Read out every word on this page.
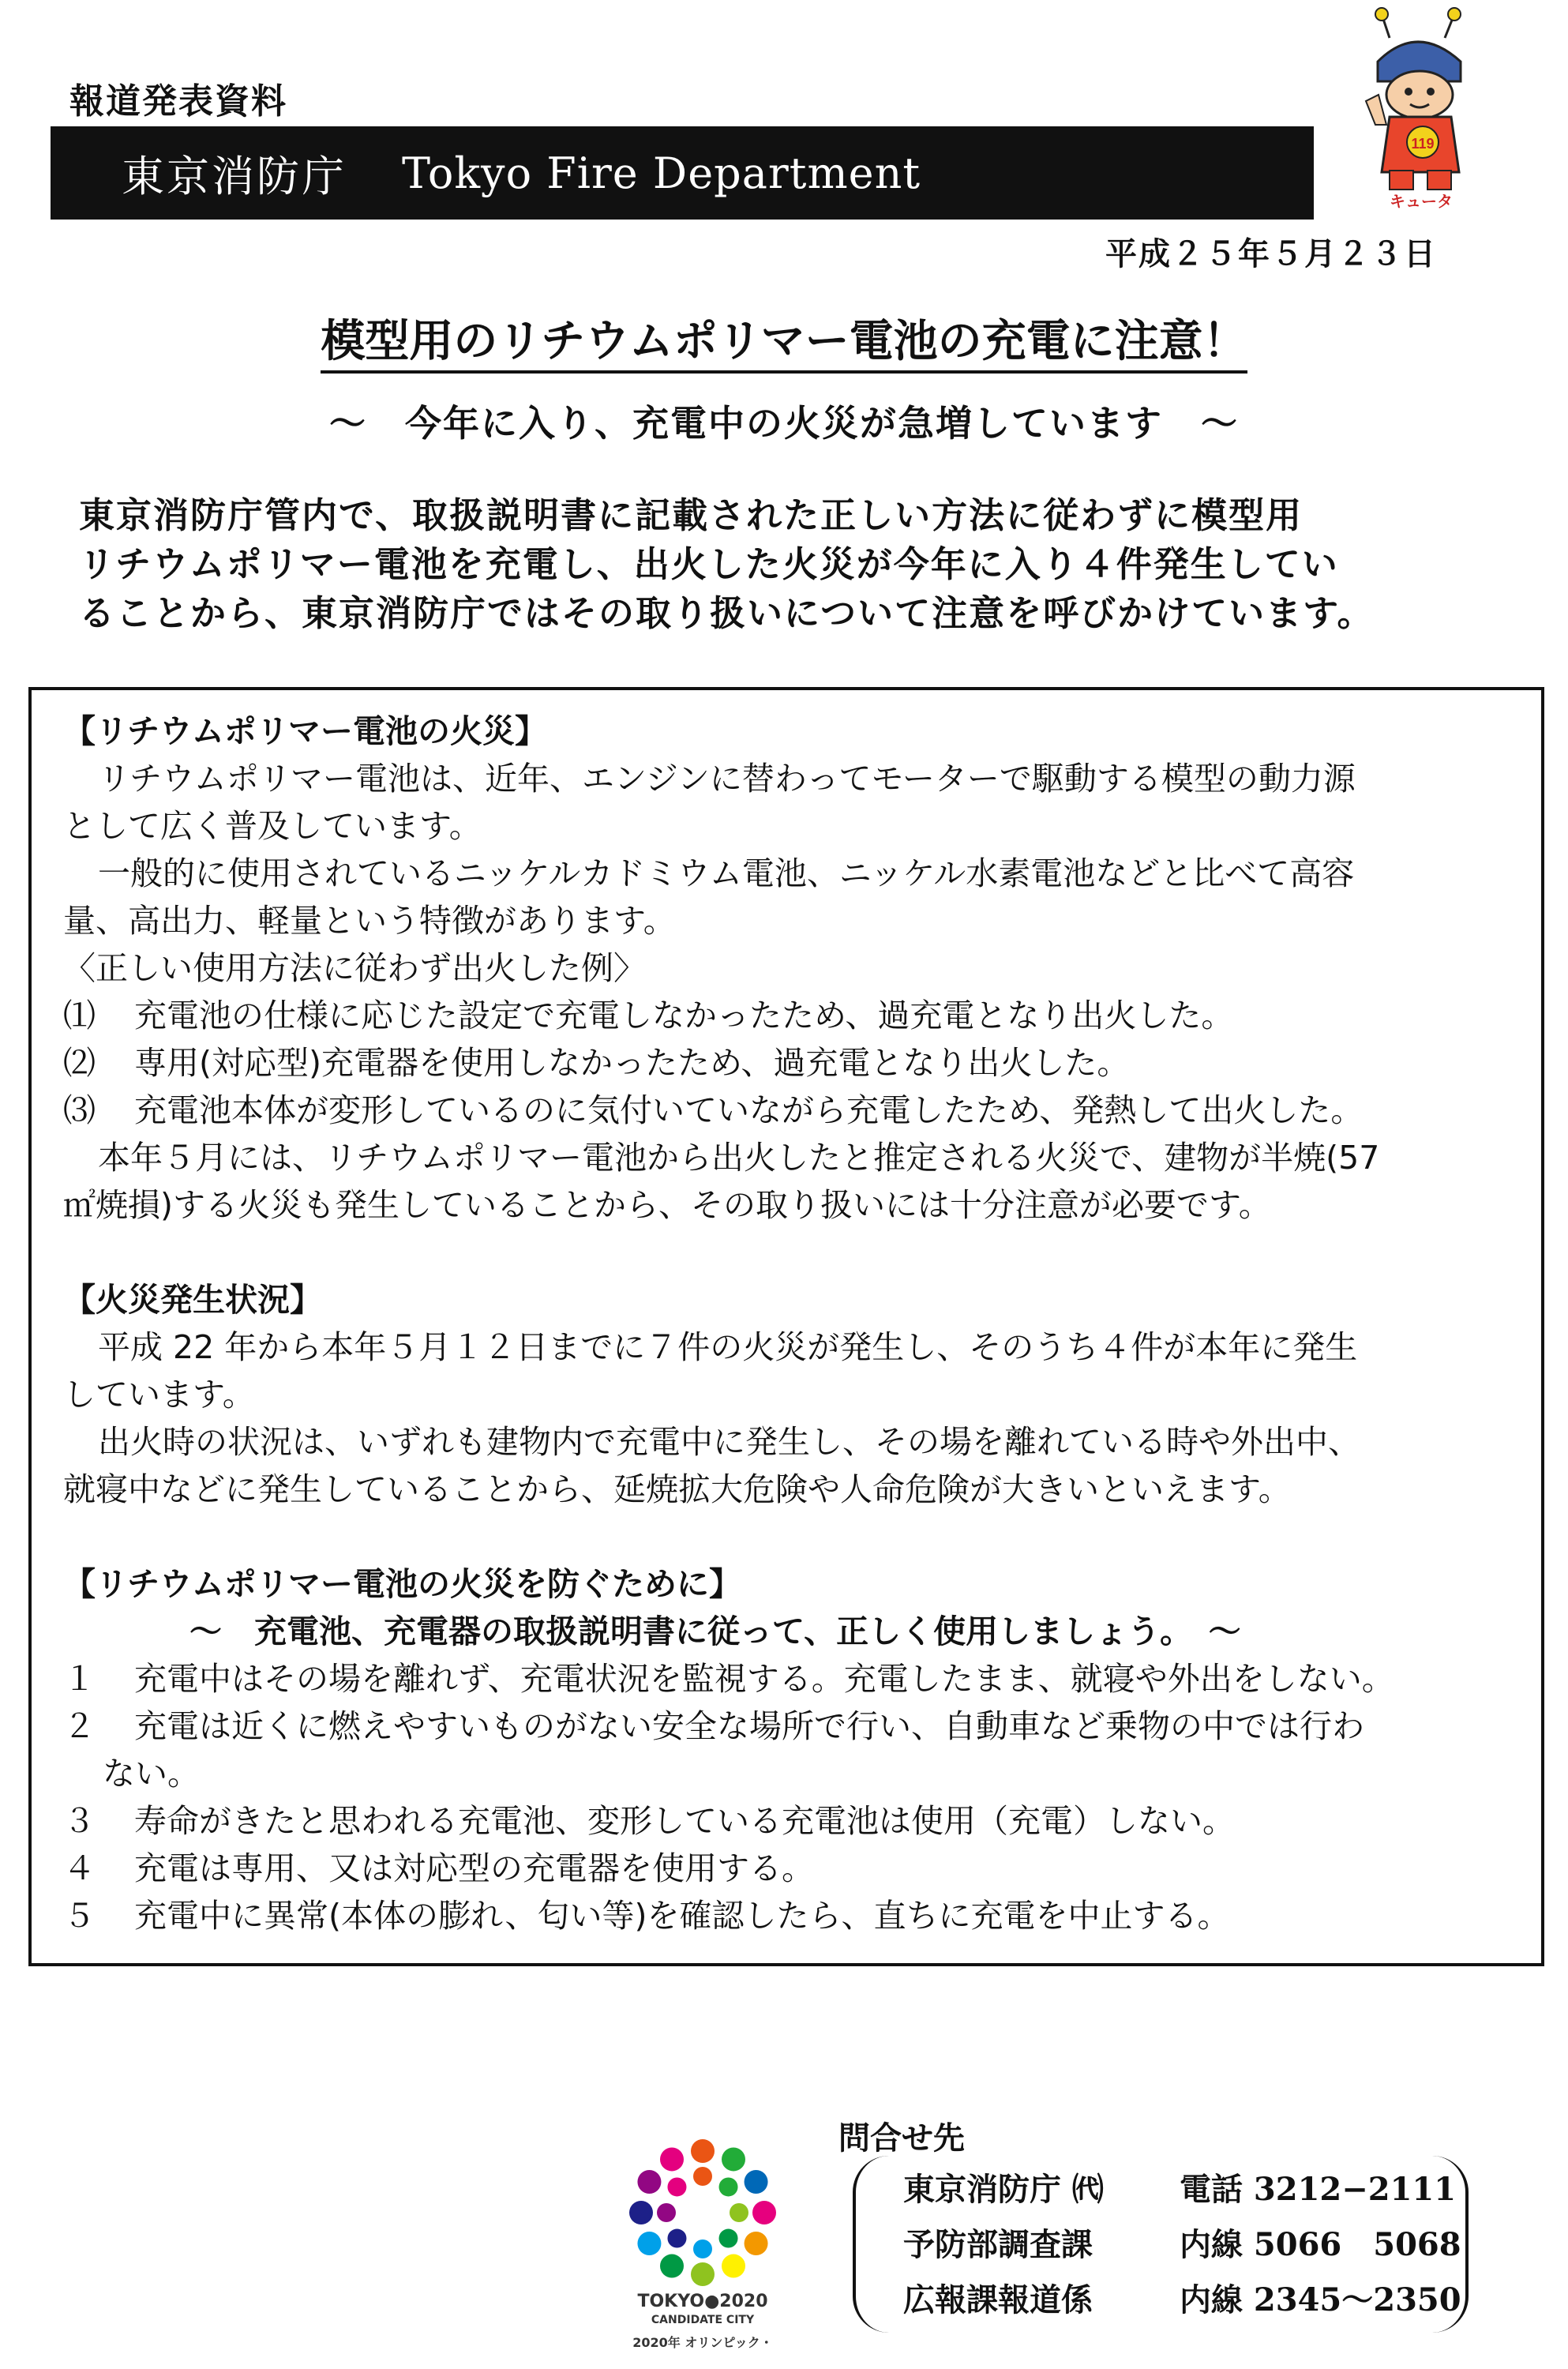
報道発表資料
東京消防庁 Tokyo Fire Department
119
キュータ
平成２５年５月２３日
模型用のリチウムポリマー電池の充電に注意！
～　今年に入り、充電中の火災が急増しています　～
東京消防庁管内で、取扱説明書に記載された正しい方法に従わずに模型用
リチウムポリマー電池を充電し、出火した火災が今年に入り４件発生してい
ることから、東京消防庁ではその取り扱いについて注意を呼びかけています。
【リチウムポリマー電池の火災】
リチウムポリマー電池は、近年、エンジンに替わってモーターで駆動する模型の動力源
として広く普及しています。
一般的に使用されているニッケルカドミウム電池、ニッケル水素電池などと比べて高容
量、高出力、軽量という特徴があります。
〈正しい使用方法に従わず出火した例〉
⑴	充電池の仕様に応じた設定で充電しなかったため、過充電となり出火した。
⑵	専用(対応型)充電器を使用しなかったため、過充電となり出火した。
⑶	充電池本体が変形しているのに気付いていながら充電したため、発熱して出火した。
本年５月には、リチウムポリマー電池から出火したと推定される火災で、建物が半焼(57
㎡焼損)する火災も発生していることから、その取り扱いには十分注意が必要です。
【火災発生状況】
平成 22 年から本年５月１２日までに７件の火災が発生し、そのうち４件が本年に発生
しています。
出火時の状況は、いずれも建物内で充電中に発生し、その場を離れている時や外出中、
就寝中などに発生していることから、延焼拡大危険や人命危険が大きいといえます。
【リチウムポリマー電池の火災を防ぐために】
～　充電池、充電器の取扱説明書に従って、正しく使用しましょう。　～
１	充電中はその場を離れず、充電状況を監視する。充電したまま、就寝や外出をしない。
２	充電は近くに燃えやすいものがない安全な場所で行い、自動車など乗物の中では行わ
ない。
３	寿命がきたと思われる充電池、変形している充電池は使用（充電）しない。
４	充電は専用、又は対応型の充電器を使用する。
５	充電中に異常(本体の膨れ、匂い等)を確認したら、直ちに充電を中止する。
TOKYO●2020
CANDIDATE CITY
2020年 オリンピック・
問合せ先
東京消防庁 ㈹	電話 3212−2111
予防部調査課	内線 5066　5068
広報課報道係	内線 2345〜2350
